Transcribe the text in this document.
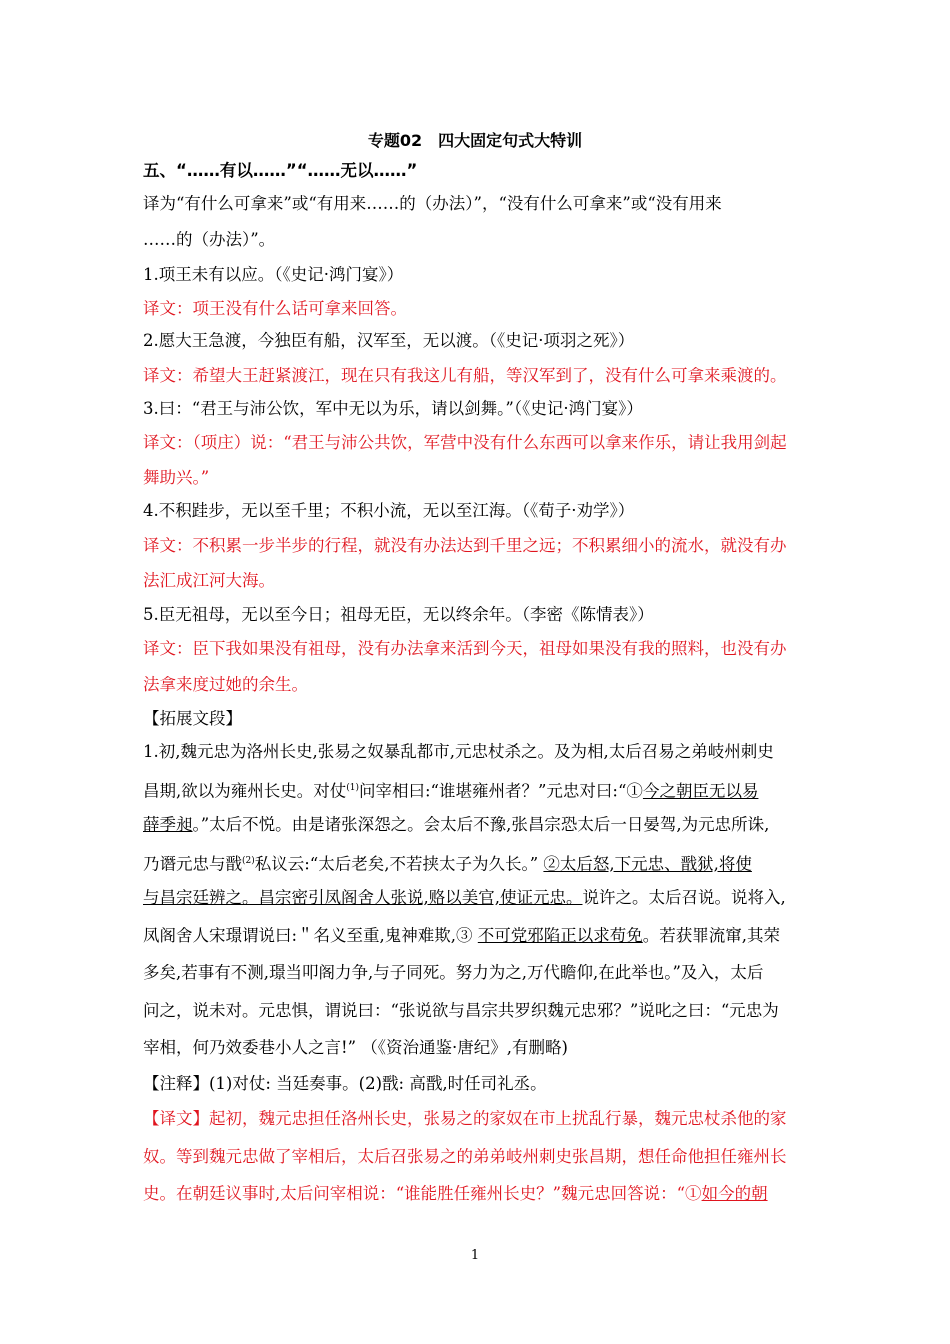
专题02　四大固定句式大特训
五、“……有以……”“……无以……”
译为“有什么可拿来”或“有用来……的（办法）”，“没有什么可拿来”或“没有用来
……的（办法）”。
1.项王未有以应。（《史记·鸿门宴》）
译文：项王没有什么话可拿来回答。
2.愿大王急渡，今独臣有船，汉军至，无以渡。（《史记·项羽之死》）
译文：希望大王赶紧渡江，现在只有我这儿有船，等汉军到了，没有什么可拿来乘渡的。
3.曰：“君王与沛公饮，军中无以为乐，请以剑舞。”（《史记·鸿门宴》）
译文：（项庄）说：“君王与沛公共饮，军营中没有什么东西可以拿来作乐，请让我用剑起
舞助兴。”
4.不积跬步，无以至千里；不积小流，无以至江海。（《荀子·劝学》）
译文：不积累一步半步的行程，就没有办法达到千里之远；不积累细小的流水，就没有办
法汇成江河大海。
5.臣无祖母，无以至今日；祖母无臣，无以终余年。（李密《陈情表》）
译文：臣下我如果没有祖母，没有办法拿来活到今天，祖母如果没有我的照料，也没有办
法拿来度过她的余生。
【拓展文段】
1.初,魏元忠为洛州长史,张易之奴暴乱都市,元忠杖杀之。及为相,太后召易之弟岐州刺史
昌期,欲以为雍州长史。对仗$^{(1)}$问宰相曰:“谁堪雍州者？”元忠对曰:“①今之朝臣无以易
薛季昶。”太后不悦。由是诸张深怨之。会太后不豫,张昌宗恐太后一日晏驾,为元忠所诛,
乃谮元忠与戬$^{(2)}$私议云:“太后老矣,不若挟太子为久长。” ②太后怒,下元忠、戬狱,将使
与昌宗廷辨之。昌宗密引凤阁舍人张说,赂以美官,使证元忠。说许之。太后召说。说将入,
凤阁舍人宋璟谓说曰:＂名义至重,鬼神难欺,③ 不可党邪陷正以求苟免。若获罪流窜,其荣
多矣,若事有不测,璟当叩阁力争,与子同死。努力为之,万代瞻仰,在此举也。”及入，太后
问之，说未对。元忠惧，谓说曰：“张说欲与昌宗共罗织魏元忠邪？”说叱之曰：“元忠为
宰相，何乃效委巷小人之言!” （《资治通鉴·唐纪》,有删略)
【注释】(1)对仗: 当廷奏事。(2)戬: 高戬,时任司礼丞。
【译文】起初，魏元忠担任洛州长史，张易之的家奴在市上扰乱行暴，魏元忠杖杀他的家
奴。等到魏元忠做了宰相后，太后召张易之的弟弟岐州刺史张昌期，想任命他担任雍州长
史。在朝廷议事时,太后问宰相说：“谁能胜任雍州长史？”魏元忠回答说：“①如今的朝
1
